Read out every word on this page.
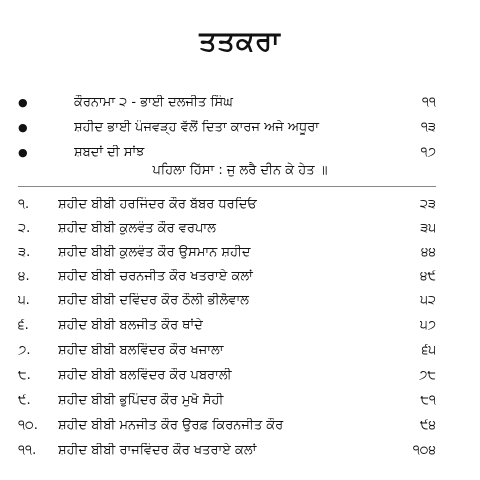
ਤਤਕਰਾ
●	ਕੌਰਨਾਮਾ ੨ - ਭਾਈ ਦਲਜੀਤ ਸਿੰਘ	੧੧
●	ਸ਼ਹੀਦ ਭਾਈ ਪੰਜਵੜ੍ਹ ਵੱਲੋਂ ਦਿਤਾ ਕਾਰਜ ਅਜੇ ਅਧੂਰਾ	੧੩
●	ਸ਼ਬਦਾਂ ਦੀ ਸਾਂਝ	੧੭
ਪਹਿਲਾ ਹਿੱਸਾ : ਜੁ ਲਰੈ ਦੀਨ ਕੇ ਹੇਤ ॥
੧.	ਸ਼ਹੀਦ ਬੀਬੀ ਹਰਜਿੰਦਰ ਕੌਰ ਬੱਬਰ ਧਰਦਿਓ	੨੩
੨.	ਸ਼ਹੀਦ ਬੀਬੀ ਕੁਲਵੰਤ ਕੌਰ ਵਰਪਾਲ	੩੫
੩.	ਸ਼ਹੀਦ ਬੀਬੀ ਕੁਲਵੰਤ ਕੌਰ ਉਸਮਾਨ ਸ਼ਹੀਦ	੪੪
੪.	ਸ਼ਹੀਦ ਬੀਬੀ ਚਰਨਜੀਤ ਕੌਰ ਖਤਰਾਏ ਕਲਾਂ	੪੯
੫.	ਸ਼ਹੀਦ ਬੀਬੀ ਦਵਿੰਦਰ ਕੌਰ ਠੌਲੀ ਭੀਲੋਵਾਲ	੫੨
੬.	ਸ਼ਹੀਦ ਬੀਬੀ ਬਲਜੀਤ ਕੌਰ ਥਾਂਦੇ	੫੭
੭.	ਸ਼ਹੀਦ ਬੀਬੀ ਬਲਵਿੰਦਰ ਕੌਰ ਖਜਾਲਾ	੬੫
੮.	ਸ਼ਹੀਦ ਬੀਬੀ ਬਲਵਿੰਦਰ ਕੌਰ ਪਬਰਾਲੀ	੭੮
੯.	ਸ਼ਹੀਦ ਬੀਬੀ ਭੁਪਿੰਦਰ ਕੌਰ ਮੁਖੋ ਸੋਹੀ	੮੧
੧੦.	ਸ਼ਹੀਦ ਬੀਬੀ ਮਨਜੀਤ ਕੌਰ ਉਰਫ਼ ਕਿਰਨਜੀਤ ਕੌਰ	੯੪
੧੧.	ਸ਼ਹੀਦ ਬੀਬੀ ਰਾਜਵਿੰਦਰ ਕੌਰ ਖਤਰਾਏ ਕਲਾਂ	੧੦੪
